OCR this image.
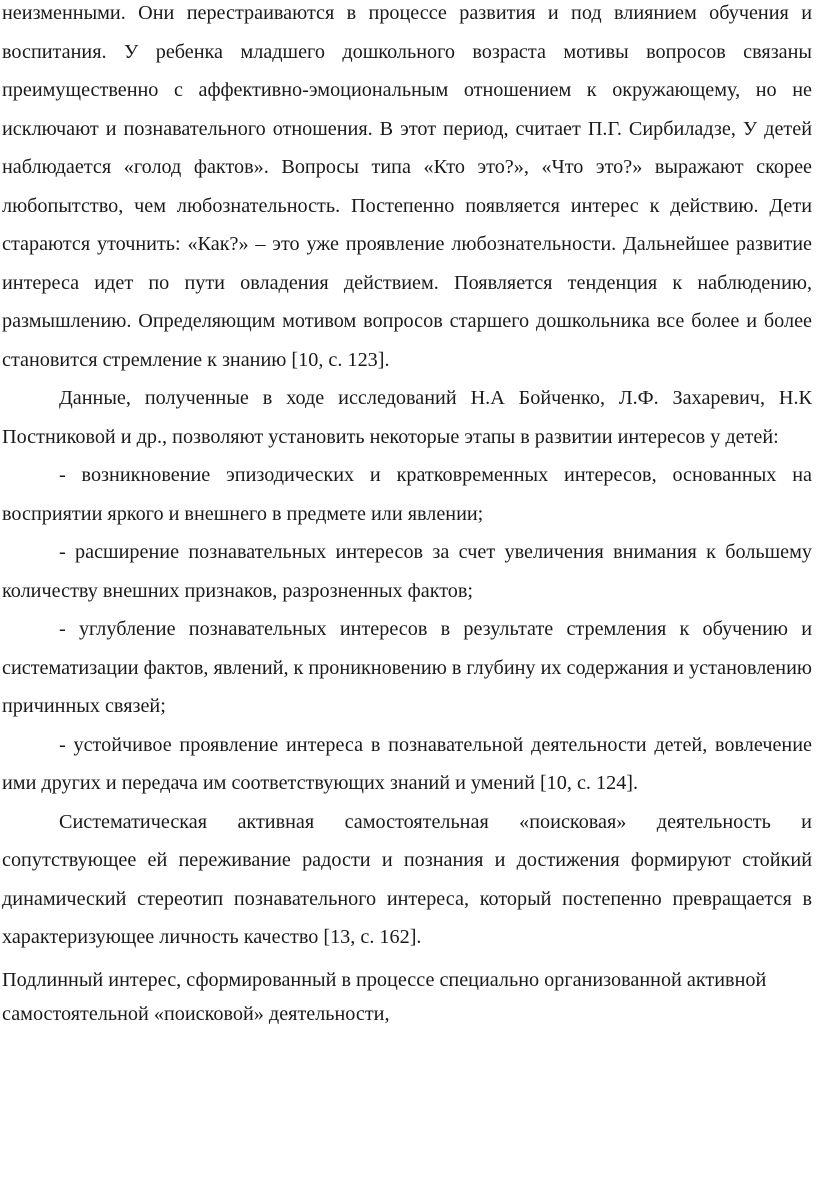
неизменными. Они перестраиваются в процессе развития и под влиянием обучения и воспитания. У ребенка младшего дошкольного возраста мотивы вопросов связаны преимущественно с аффективно-эмоциональным отношением к окружающему, но не исключают и познавательного отношения. В этот период, считает П.Г. Сирбиладзе, У детей наблюдается «голод фактов». Вопросы типа «Кто это?», «Что это?» выражают скорее любопытство, чем любознательность. Постепенно появляется интерес к действию. Дети стараются уточнить: «Как?» – это уже проявление любознательности. Дальнейшее развитие интереса идет по пути овладения действием. Появляется тенденция к наблюдению, размышлению. Определяющим мотивом вопросов старшего дошкольника все более и более становится стремление к знанию [10, с. 123].

Данные, полученные в ходе исследований Н.А Бойченко, Л.Ф. Захаревич, Н.К Постниковой и др., позволяют установить некоторые этапы в развитии интересов у детей:

- возникновение эпизодических и кратковременных интересов, основанных на восприятии яркого и внешнего в предмете или явлении;

- расширение познавательных интересов за счет увеличения внимания к большему количеству внешних признаков, разрозненных фактов;

- углубление познавательных интересов в результате стремления к обучению и систематизации фактов, явлений, к проникновению в глубину их содержания и установлению причинных связей;

- устойчивое проявление интереса в познавательной деятельности детей, вовлечение ими других и передача им соответствующих знаний и умений [10, с. 124].

Систематическая активная самостоятельная «поисковая» деятельность и сопутствующее ей переживание радости и познания и достижения формируют стойкий динамический стереотип познавательного интереса, который постепенно превращается в характеризующее личность качество [13, с. 162].

Подлинный интерес, сформированный в процессе специально организованной активной самостоятельной «поисковой» деятельности,
